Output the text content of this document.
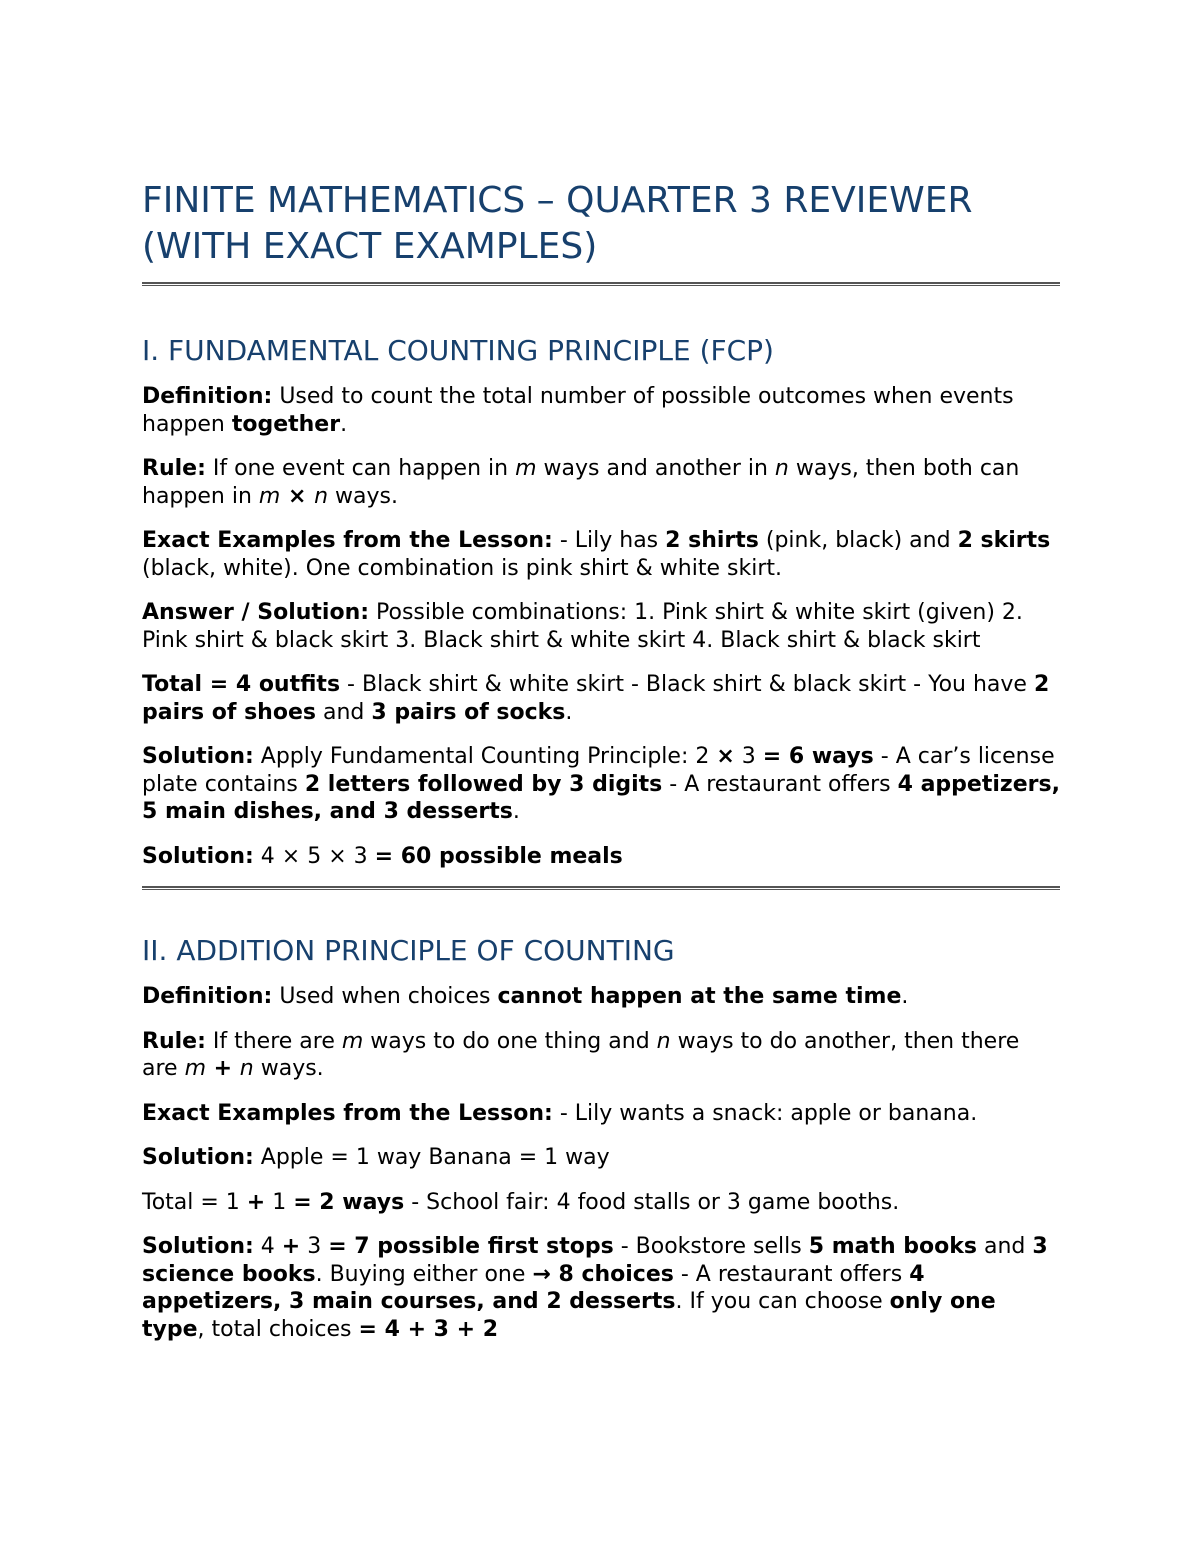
FINITE MATHEMATICS – QUARTER 3 REVIEWER
(WITH EXACT EXAMPLES)
I. FUNDAMENTAL COUNTING PRINCIPLE (FCP)

Definition: Used to count the total number of possible outcomes when events happen together.

Rule: If one event can happen in m ways and another in n ways, then both can happen in m × n ways.

Exact Examples from the Lesson: - Lily has 2 shirts (pink, black) and 2 skirts (black, white). One combination is pink shirt & white skirt.

Answer / Solution: Possible combinations: 1. Pink shirt & white skirt (given) 2. Pink shirt & black skirt 3. Black shirt & white skirt 4. Black shirt & black skirt

Total = 4 outfits - Black shirt & white skirt - Black shirt & black skirt - You have 2 pairs of shoes and 3 pairs of socks.

Solution: Apply Fundamental Counting Principle: 2 × 3 = 6 ways - A car’s license plate contains 2 letters followed by 3 digits - A restaurant offers 4 appetizers, 5 main dishes, and 3 desserts.

Solution: 4 × 5 × 3 = 60 possible meals

II. ADDITION PRINCIPLE OF COUNTING

Definition: Used when choices cannot happen at the same time.

Rule: If there are m ways to do one thing and n ways to do another, then there are m + n ways.

Exact Examples from the Lesson: - Lily wants a snack: apple or banana.

Solution: Apple = 1 way Banana = 1 way

Total = 1 + 1 = 2 ways - School fair: 4 food stalls or 3 game booths.

Solution: 4 + 3 = 7 possible first stops - Bookstore sells 5 math books and 3 science books. Buying either one → 8 choices - A restaurant offers 4 appetizers, 3 main courses, and 2 desserts. If you can choose only one type, total choices = 4 + 3 + 2
